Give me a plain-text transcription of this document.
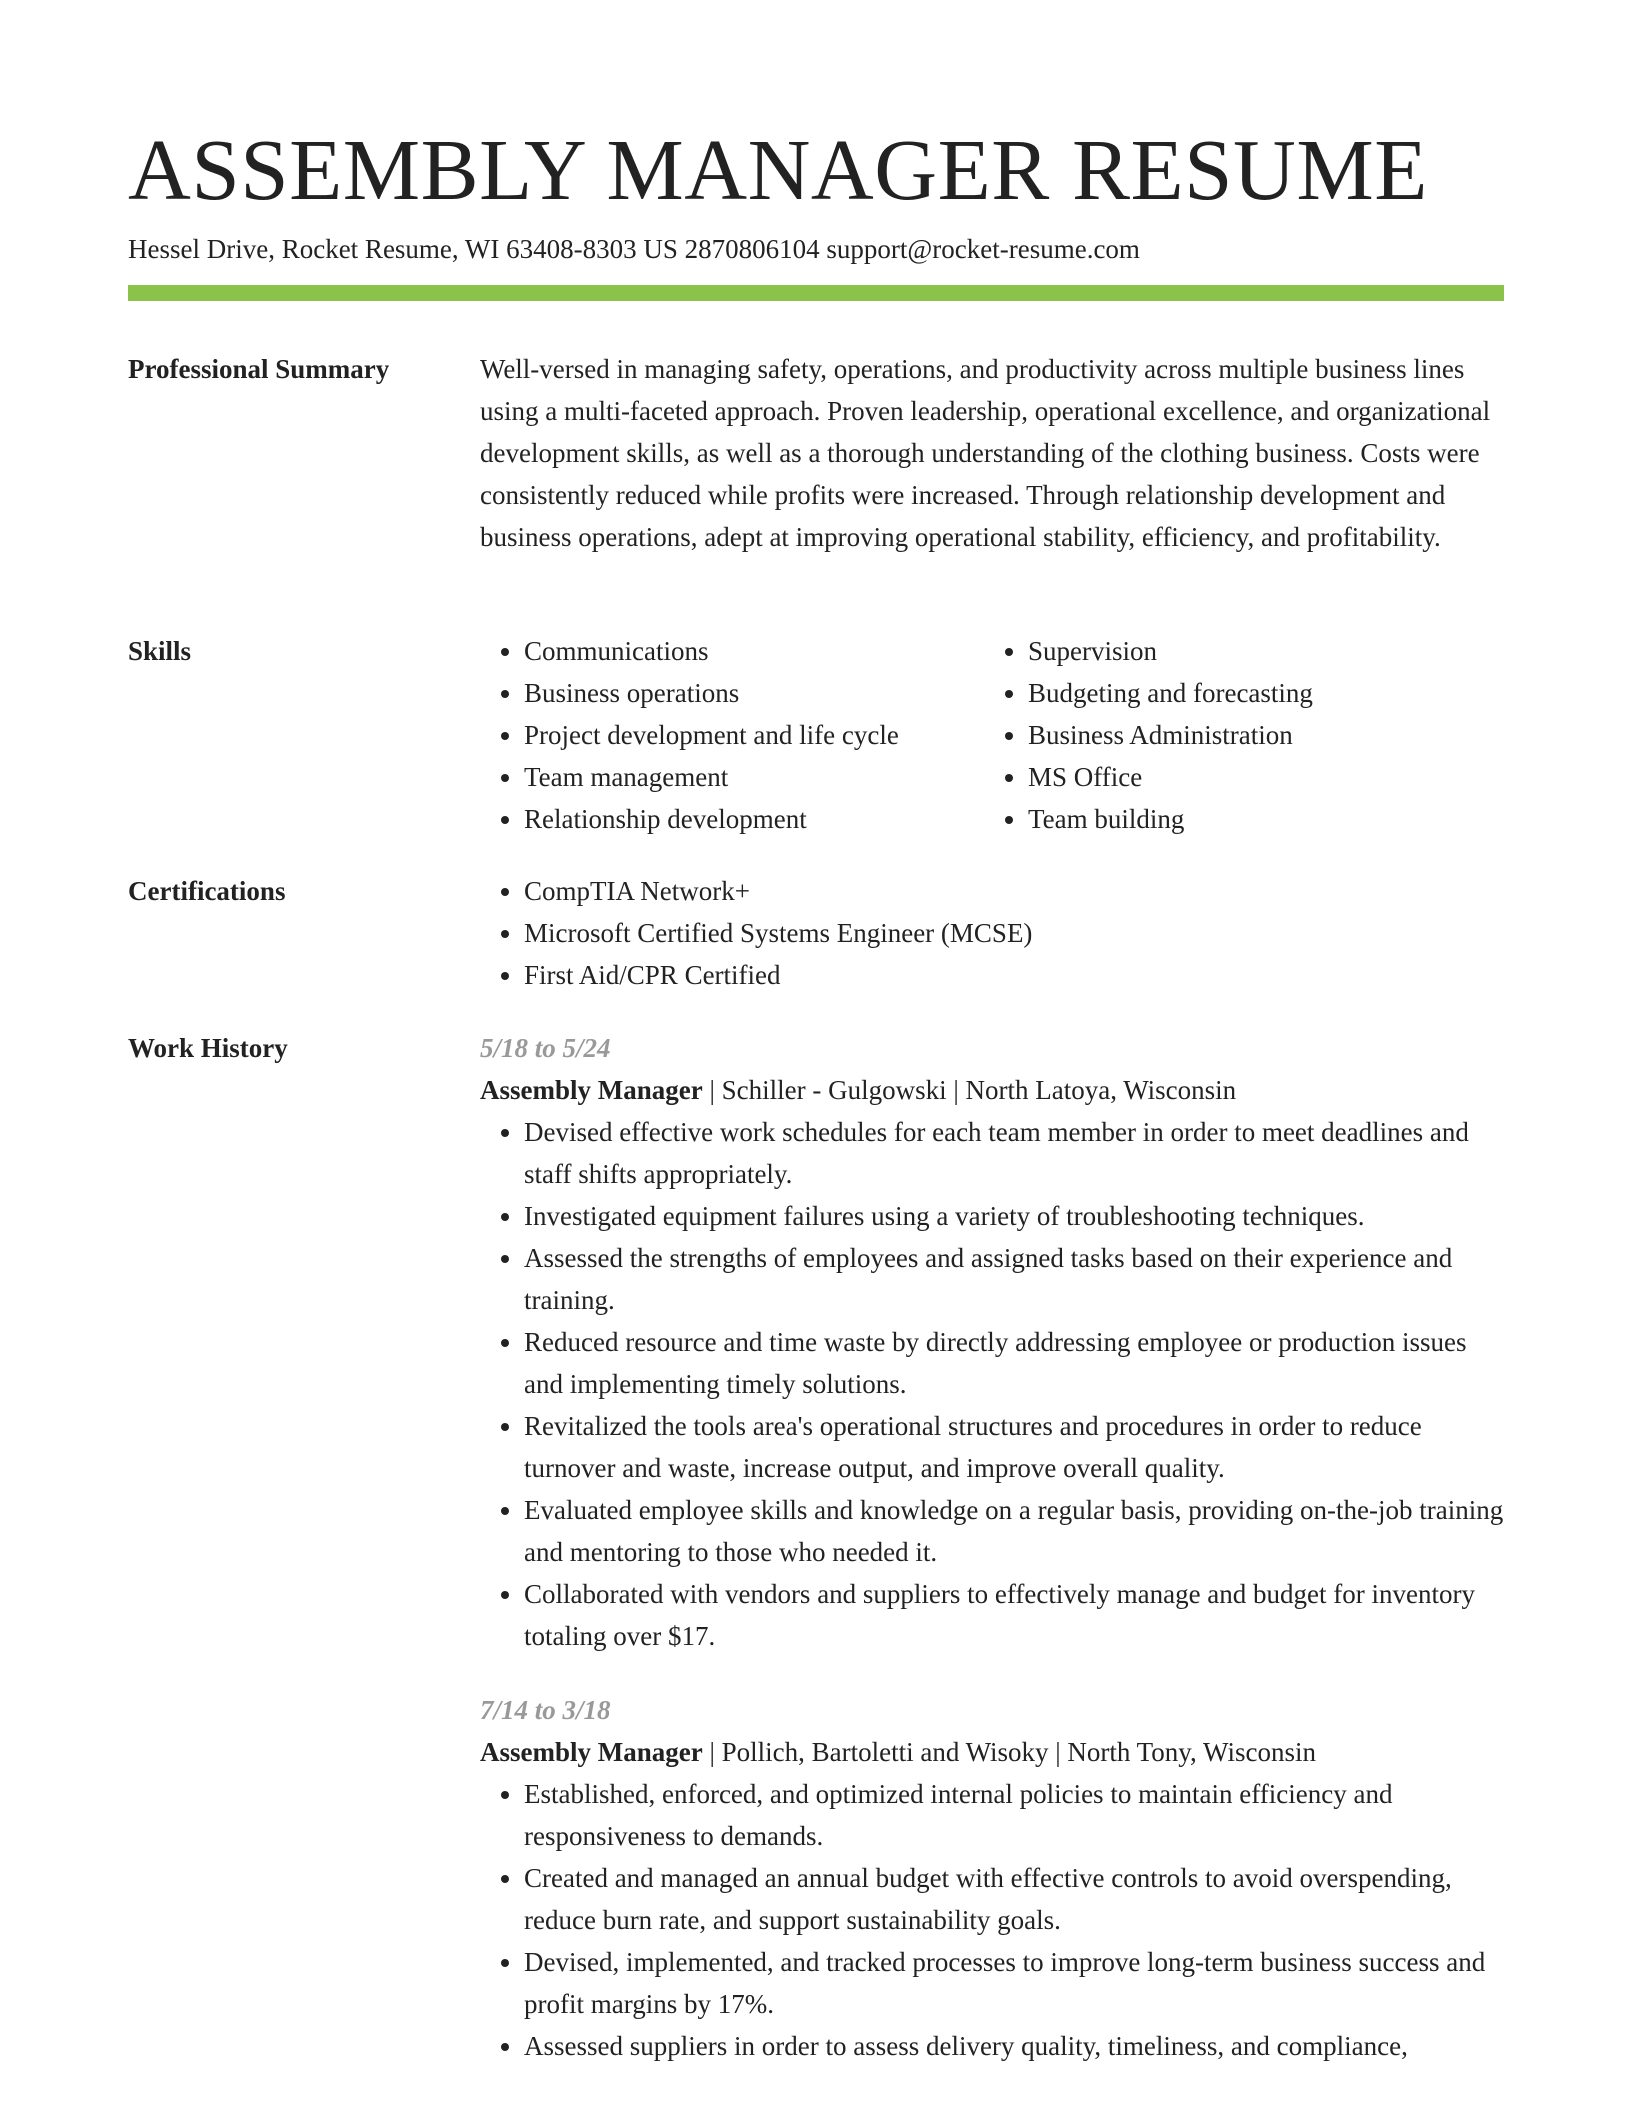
ASSEMBLY MANAGER RESUME
Hessel Drive, Rocket Resume, WI 63408-8303 US 2870806104 support@rocket-resume.com
Professional Summary	Well-versed in managing safety, operations, and productivity across multiple business lines using a multi-faceted approach. Proven leadership, operational excellence, and organizational development skills, as well as a thorough understanding of the clothing business. Costs were consistently reduced while profits were increased. Through relationship development and business operations, adept at improving operational stability, efficiency, and profitability.

Skills	• Communications
• Business operations
• Project development and life cycle
• Team management
• Relationship development
• Supervision
• Budgeting and forecasting
• Business Administration
• MS Office
• Team building
Certifications	• CompTIA Network+
• Microsoft Certified Systems Engineer (MCSE)
• First Aid/CPR Certified
Work History	5/18 to 5/24
Assembly Manager | Schiller - Gulgowski | North Latoya, Wisconsin
• Devised effective work schedules for each team member in order to meet deadlines and staff shifts appropriately.
• Investigated equipment failures using a variety of troubleshooting techniques.
• Assessed the strengths of employees and assigned tasks based on their experience and training.
• Reduced resource and time waste by directly addressing employee or production issues and implementing timely solutions.
• Revitalized the tools area's operational structures and procedures in order to reduce turnover and waste, increase output, and improve overall quality.
• Evaluated employee skills and knowledge on a regular basis, providing on-the-job training and mentoring to those who needed it.
• Collaborated with vendors and suppliers to effectively manage and budget for inventory totaling over $17.
7/14 to 3/18
Assembly Manager | Pollich, Bartoletti and Wisoky | North Tony, Wisconsin
• Established, enforced, and optimized internal policies to maintain efficiency and responsiveness to demands.
• Created and managed an annual budget with effective controls to avoid overspending, reduce burn rate, and support sustainability goals.
• Devised, implemented, and tracked processes to improve long-term business success and profit margins by 17%.
• Assessed suppliers in order to assess delivery quality, timeliness, and compliance,
